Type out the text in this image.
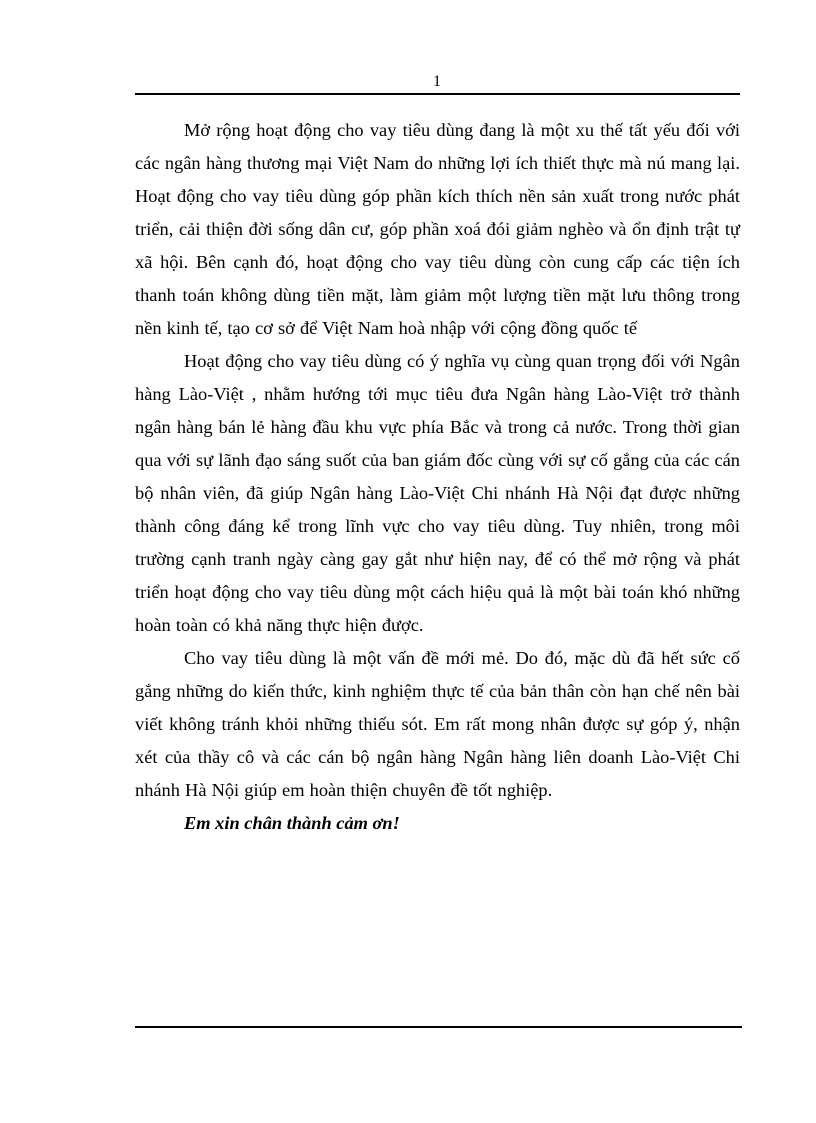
1

Mở rộng hoạt động cho vay tiêu dùng đang là một xu thế tất yếu đối với các ngân hàng thương mại Việt Nam do những lợi ích thiết thực mà nú mang lại. Hoạt động cho vay tiêu dùng góp phần kích thích nền sản xuất trong nước phát triển, cải thiện đời sống dân cư, góp phần xoá đói giảm nghèo và ổn định trật tự xã hội. Bên cạnh đó, hoạt động cho vay tiêu dùng còn cung cấp các tiện ích thanh toán không dùng tiền mặt, làm giảm một lượng tiền mặt lưu thông trong nền kinh tế, tạo cơ sở để Việt Nam hoà nhập với cộng đồng quốc tế

Hoạt động cho vay tiêu dùng có ý nghĩa vụ cùng quan trọng đối với Ngân hàng Lào-Việt , nhằm hướng tới mục tiêu đưa Ngân hàng Lào-Việt trở thành ngân hàng bán lẻ hàng đầu khu vực phía Bắc và trong cả nước. Trong thời gian qua với sự lãnh đạo sáng suốt của ban giám đốc cùng với sự cố gắng của các cán bộ nhân viên, đã giúp Ngân hàng Lào-Việt Chi nhánh Hà Nội đạt được những thành công đáng kể trong lĩnh vực cho vay tiêu dùng. Tuy nhiên, trong môi trường cạnh tranh ngày càng gay gắt như hiện nay, để có thể mở rộng và phát triển hoạt động cho vay tiêu dùng một cách hiệu quả là một bài toán khó những hoàn toàn có khả năng thực hiện được.

Cho vay tiêu dùng là một vấn đề mới mẻ. Do đó, mặc dù đã hết sức cố gắng những do kiến thức, kinh nghiệm thực tế của bản thân còn hạn chế nên bài viết không tránh khỏi những thiếu sót. Em rất mong nhân được sự góp ý, nhận xét của thầy cô và các cán bộ ngân hàng Ngân hàng liên doanh Lào-Việt Chi nhánh Hà Nội giúp em hoàn thiện chuyên đề tốt nghiệp.

Em xin chân thành cảm ơn!
